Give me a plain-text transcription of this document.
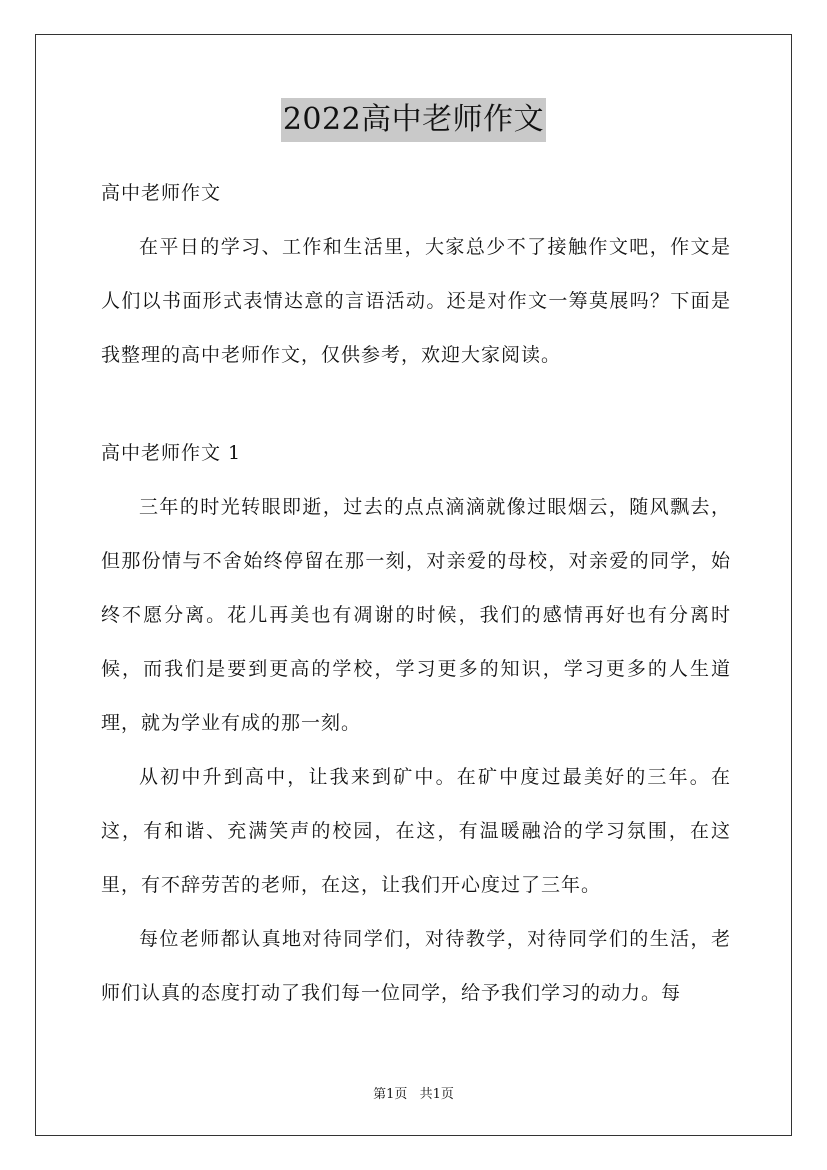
2022高中老师作文

高中老师作文

在平日的学习、工作和生活里，大家总少不了接触作文吧，作文是人们以书面形式表情达意的言语活动。还是对作文一筹莫展吗？下面是我整理的高中老师作文，仅供参考，欢迎大家阅读。

高中老师作文 1

三年的时光转眼即逝，过去的点点滴滴就像过眼烟云，随风飘去，但那份情与不舍始终停留在那一刻，对亲爱的母校，对亲爱的同学，始终不愿分离。花儿再美也有凋谢的时候，我们的感情再好也有分离时候，而我们是要到更高的学校，学习更多的知识，学习更多的人生道理，就为学业有成的那一刻。

从初中升到高中，让我来到矿中。在矿中度过最美好的三年。在这，有和谐、充满笑声的校园，在这，有温暖融洽的学习氛围，在这里，有不辞劳苦的老师，在这，让我们开心度过了三年。

每位老师都认真地对待同学们，对待教学，对待同学们的生活，老师们认真的态度打动了我们每一位同学，给予我们学习的动力。每

第1页 共1页
